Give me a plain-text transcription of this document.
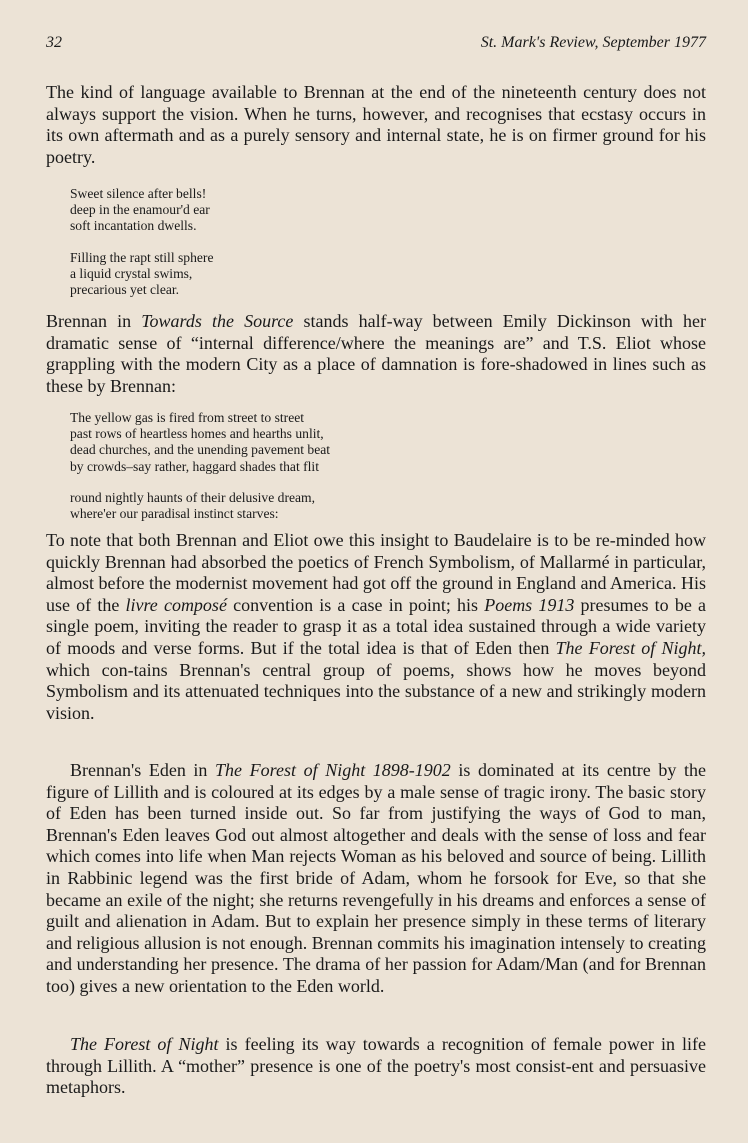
32	St. Mark's Review, September 1977

The kind of language available to Brennan at the end of the nineteenth century does not always support the vision. When he turns, however, and recognises that ecstasy occurs in its own aftermath and as a purely sensory and internal state, he is on firmer ground for his poetry.

Sweet silence after bells!
deep in the enamour'd ear
soft incantation dwells.
Filling the rapt still sphere
a liquid crystal swims,
precarious yet clear.

Brennan in Towards the Source stands half-way between Emily Dickinson with her dramatic sense of “internal difference/where the meanings are” and T.S. Eliot whose grappling with the modern City as a place of damnation is fore-shadowed in lines such as these by Brennan:

The yellow gas is fired from street to street
past rows of heartless homes and hearths unlit,
dead churches, and the unending pavement beat
by crowds–say rather, haggard shades that flit
round nightly haunts of their delusive dream,
where'er our paradisal instinct starves:

To note that both Brennan and Eliot owe this insight to Baudelaire is to be re-minded how quickly Brennan had absorbed the poetics of French Symbolism, of Mallarmé in particular, almost before the modernist movement had got off the ground in England and America. His use of the livre composé convention is a case in point; his Poems 1913 presumes to be a single poem, inviting the reader to grasp it as a total idea sustained through a wide variety of moods and verse forms. But if the total idea is that of Eden then The Forest of Night, which con-tains Brennan's central group of poems, shows how he moves beyond Symbolism and its attenuated techniques into the substance of a new and strikingly modern vision.

Brennan's Eden in The Forest of Night 1898-1902 is dominated at its centre by the figure of Lillith and is coloured at its edges by a male sense of tragic irony. The basic story of Eden has been turned inside out. So far from justifying the ways of God to man, Brennan's Eden leaves God out almost altogether and deals with the sense of loss and fear which comes into life when Man rejects Woman as his beloved and source of being. Lillith in Rabbinic legend was the first bride of Adam, whom he forsook for Eve, so that she became an exile of the night; she returns revengefully in his dreams and enforces a sense of guilt and alienation in Adam. But to explain her presence simply in these terms of literary and religious allusion is not enough. Brennan commits his imagination intensely to creating and understanding her presence. The drama of her passion for Adam/Man (and for Brennan too) gives a new orientation to the Eden world.

The Forest of Night is feeling its way towards a recognition of female power in life through Lillith. A “mother” presence is one of the poetry's most consist-ent and persuasive metaphors.
